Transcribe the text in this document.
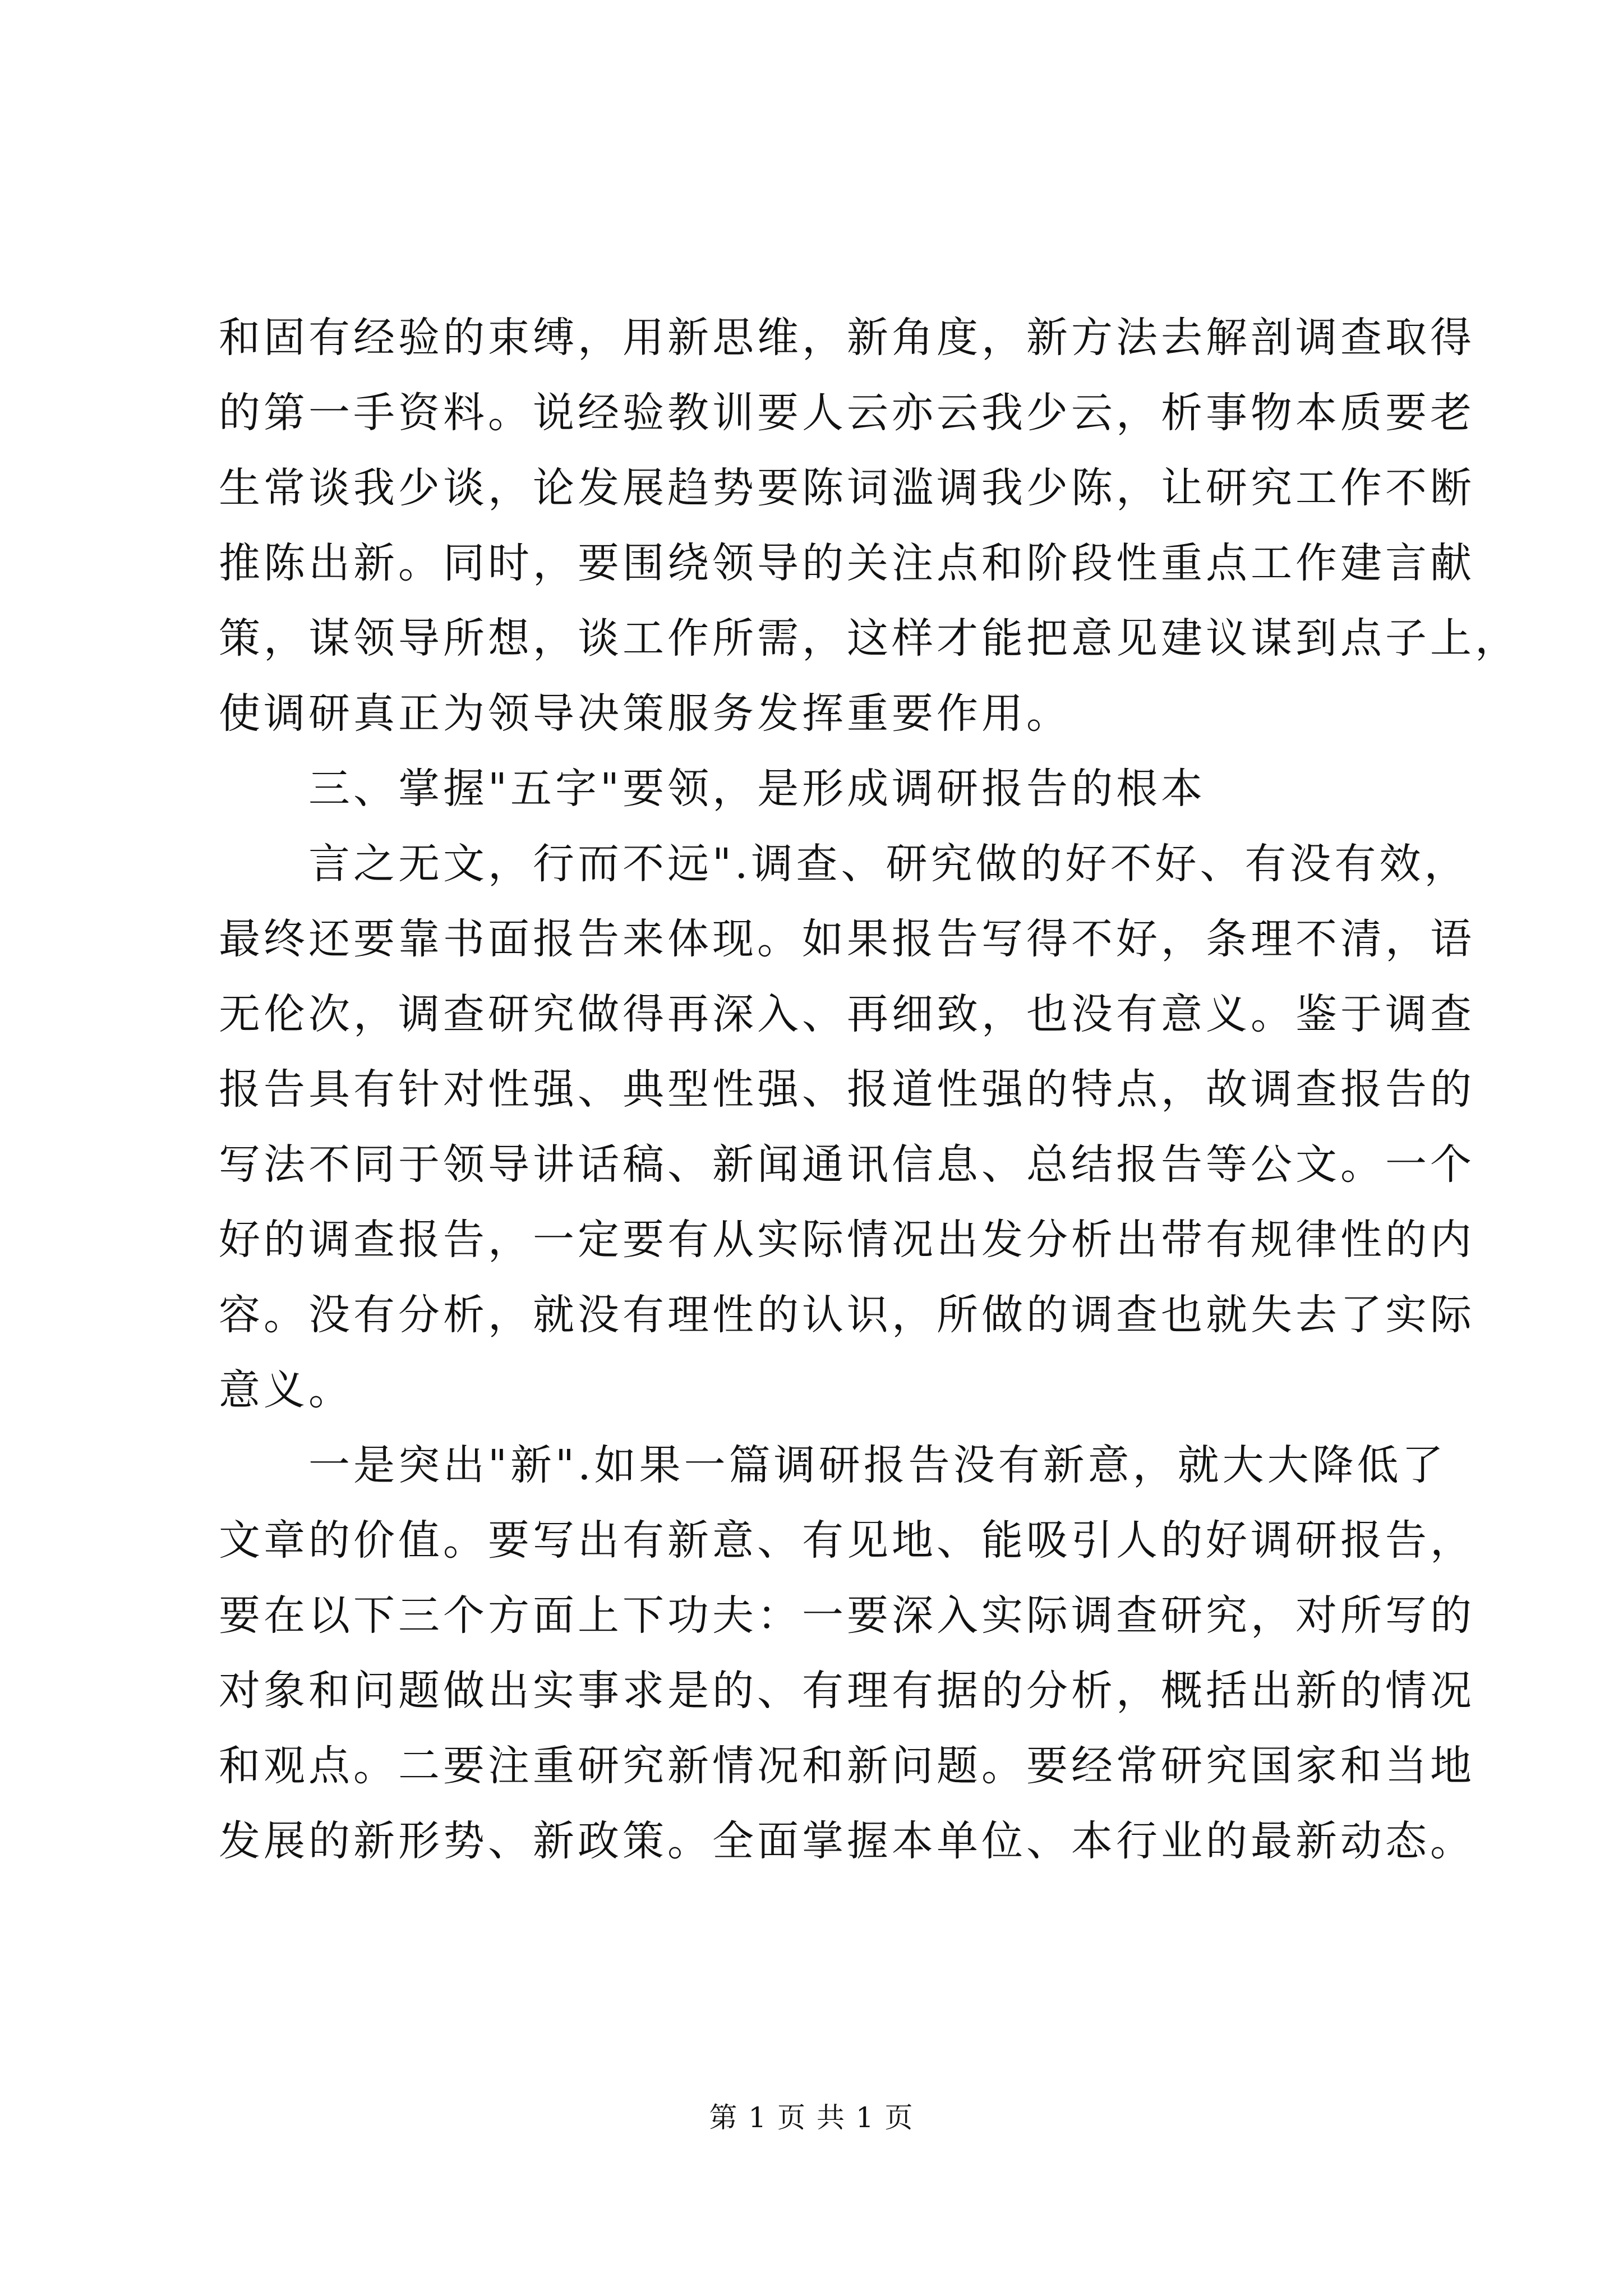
和固有经验的束缚，用新思维，新角度，新方法去解剖调查取得
的第一手资料。说经验教训要人云亦云我少云，析事物本质要老
生常谈我少谈，论发展趋势要陈词滥调我少陈，让研究工作不断
推陈出新。同时，要围绕领导的关注点和阶段性重点工作建言献
策，谋领导所想，谈工作所需，这样才能把意见建议谋到点子上，
使调研真正为领导决策服务发挥重要作用。
三、掌握"五字"要领，是形成调研报告的根本
言之无文，行而不远".调查、研究做的好不好、有没有效，
最终还要靠书面报告来体现。如果报告写得不好，条理不清，语
无伦次，调查研究做得再深入、再细致，也没有意义。鉴于调查
报告具有针对性强、典型性强、报道性强的特点，故调查报告的
写法不同于领导讲话稿、新闻通讯信息、总结报告等公文。一个
好的调查报告，一定要有从实际情况出发分析出带有规律性的内
容。没有分析，就没有理性的认识，所做的调查也就失去了实际
意义。
一是突出"新".如果一篇调研报告没有新意，就大大降低了
文章的价值。要写出有新意、有见地、能吸引人的好调研报告，
要在以下三个方面上下功夫：一要深入实际调查研究，对所写的
对象和问题做出实事求是的、有理有据的分析，概括出新的情况
和观点。二要注重研究新情况和新问题。要经常研究国家和当地
发展的新形势、新政策。全面掌握本单位、本行业的最新动态。
第 1 页 共 1 页
